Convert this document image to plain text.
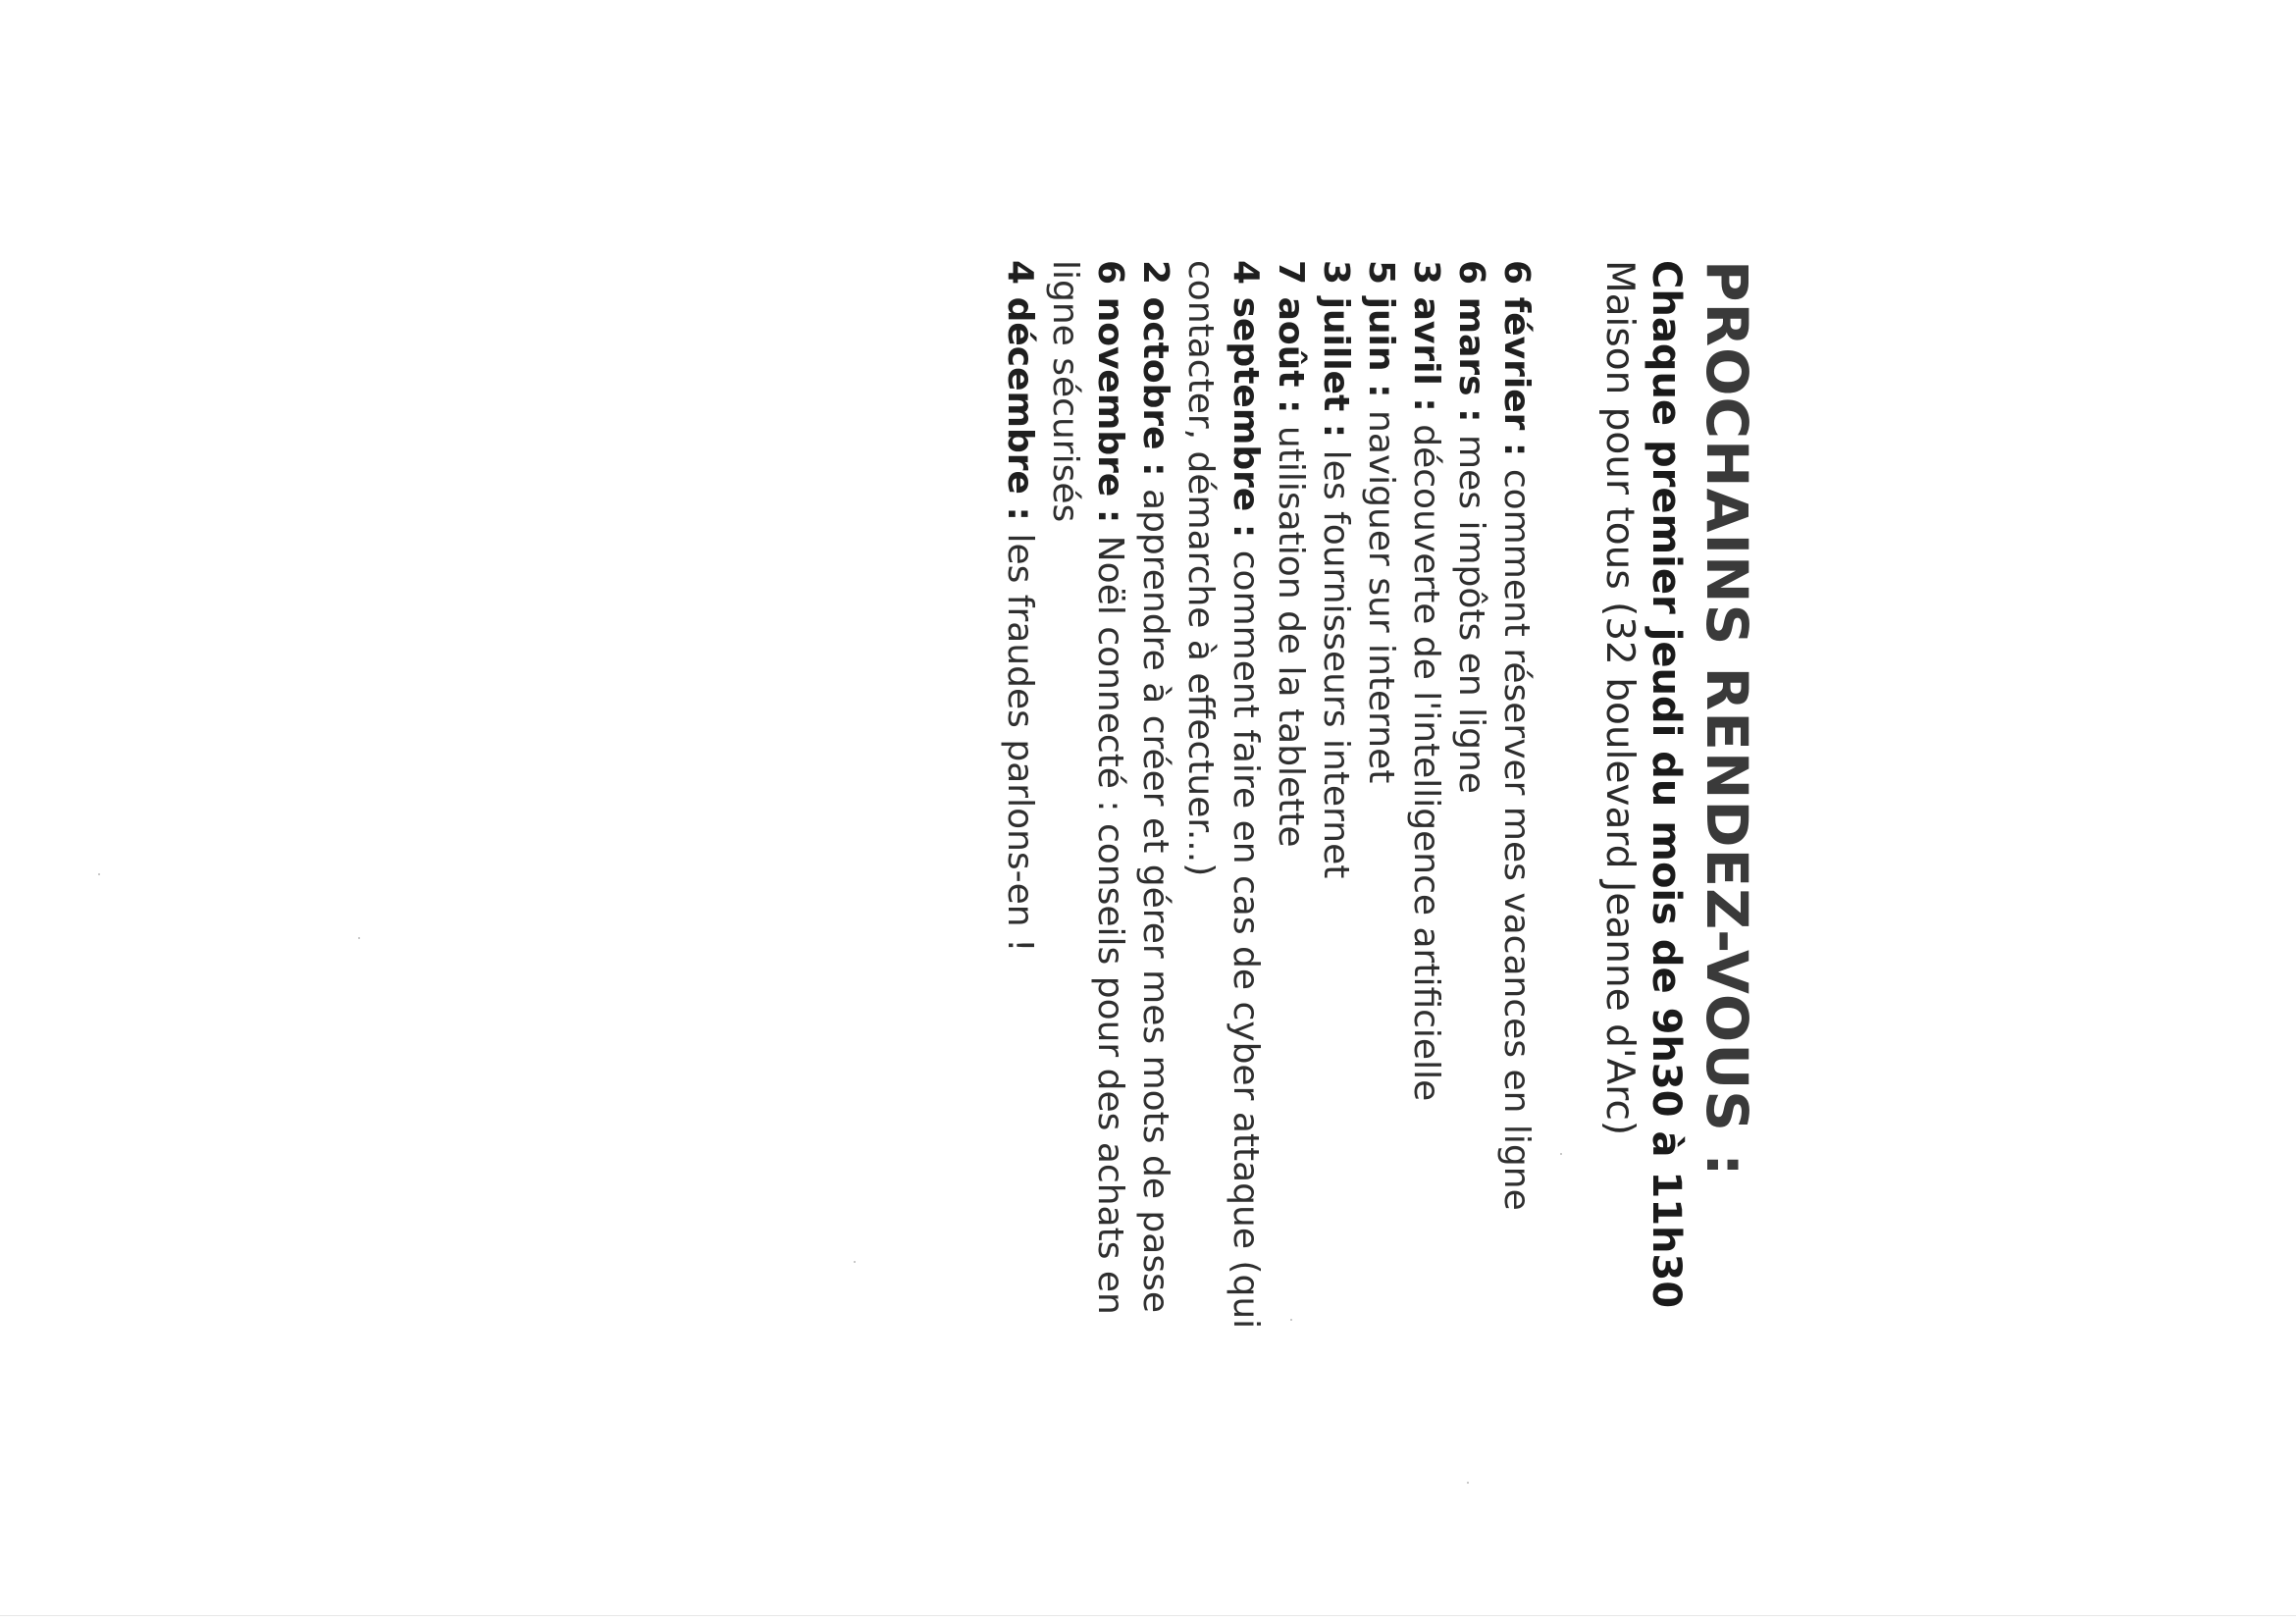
PROCHAINS RENDEZ-VOUS :
Chaque premier jeudi du mois de 9h30 à 11h30
Maison pour tous (32 boulevard Jeanne d'Arc)
6 février : comment réserver mes vacances en ligne
6 mars : mes impôts en ligne
3 avril : découverte de l'intelligence artificielle
5 juin : naviguer sur internet
3 juillet : les fournisseurs internet
7 août : utilisation de la tablette
4 septembre : comment faire en cas de cyber attaque (qui contacter, démarche à effectuer...)
2 octobre : apprendre à créer et gérer mes mots de passe
6 novembre : Noël connecté : conseils pour des achats en ligne sécurisés
4 décembre : les fraudes parlons-en !
